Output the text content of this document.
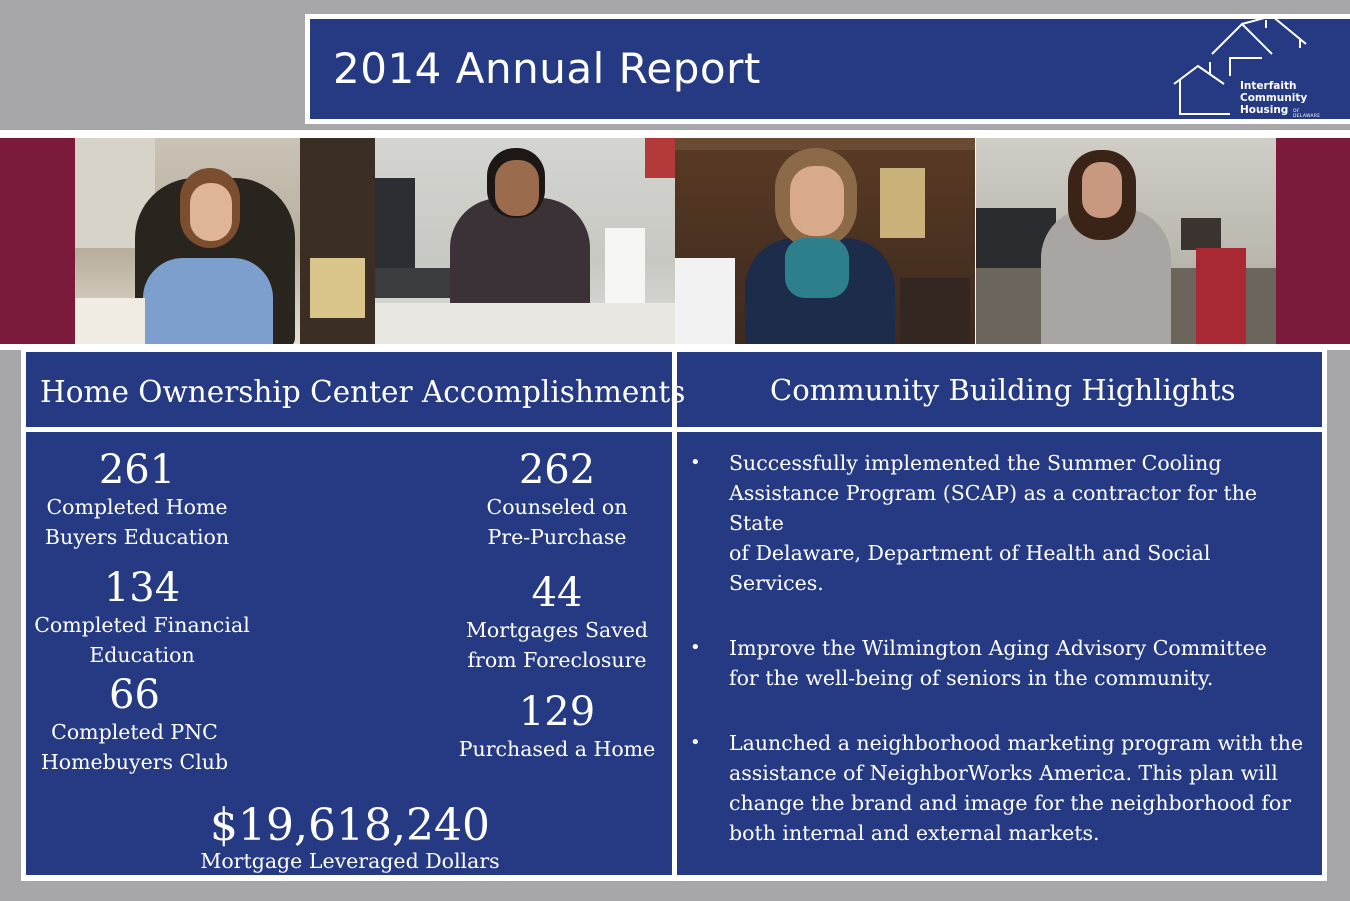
2014 Annual Report	Interfaith
Community
Housing OF DELAWARE
Home Ownership Center Accomplishments	Community Building Highlights
261
Completed Home
Buyers Education
134
Completed Financial
Education
66
Completed PNC
Homebuyers Club
262
Counseled on
Pre-Purchase
44
Mortgages Saved
from Foreclosure
129
Purchased a Home
$19,618,240
Mortgage Leveraged Dollars
• Successfully implemented the Summer Cooling
Assistance Program (SCAP) as a contractor for the State
of Delaware, Department of Health and Social Services.
• Improve the Wilmington Aging Advisory Committee
for the well-being of seniors in the community.
• Launched a neighborhood marketing program with the
assistance of NeighborWorks America. This plan will
change the brand and image for the neighborhood for
both internal and external markets.
